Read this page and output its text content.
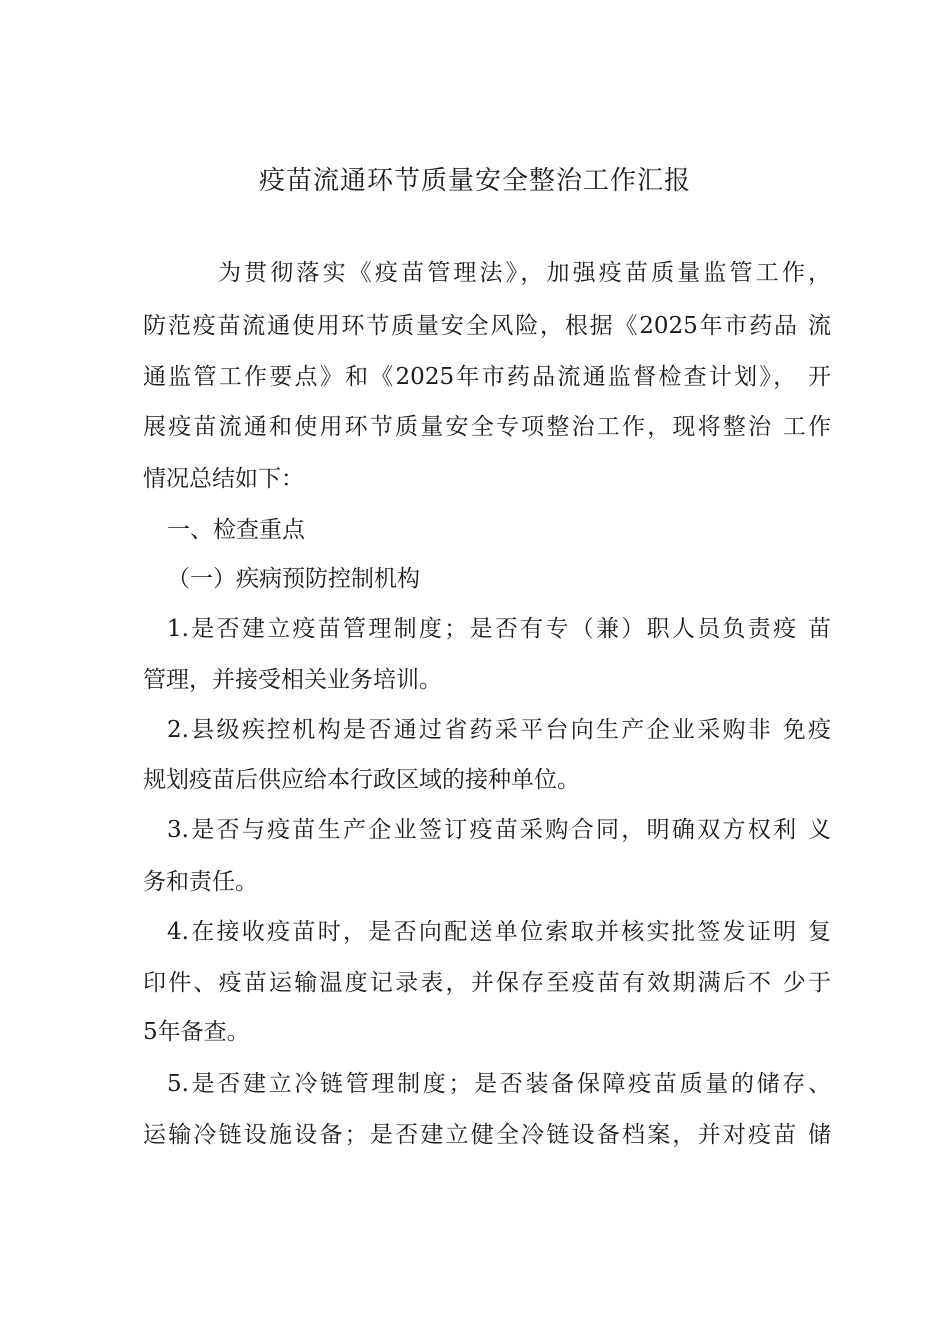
疫苗流通环节质量安全整治工作汇报
为贯彻落实《疫苗管理法》，加强疫苗质量监管工作，
防范疫苗流通使用环节质量安全风险，根据《2025年市药品 流
通监管工作要点》和《2025年市药品流通监督检查计划》， 开
展疫苗流通和使用环节质量安全专项整治工作，现将整治 工作
情况总结如下：
一、检查重点
（一）疾病预防控制机构
1.是否建立疫苗管理制度；是否有专（兼）职人员负责疫 苗
管理，并接受相关业务培训。
2.县级疾控机构是否通过省药采平台向生产企业采购非 免疫
规划疫苗后供应给本行政区域的接种单位。
3.是否与疫苗生产企业签订疫苗采购合同，明确双方权利 义
务和责任。
4.在接收疫苗时，是否向配送单位索取并核实批签发证明 复
印件、疫苗运输温度记录表，并保存至疫苗有效期满后不 少于
5年备查。
5.是否建立冷链管理制度；是否装备保障疫苗质量的储存、
运输冷链设施设备；是否建立健全冷链设备档案，并对疫苗 储
